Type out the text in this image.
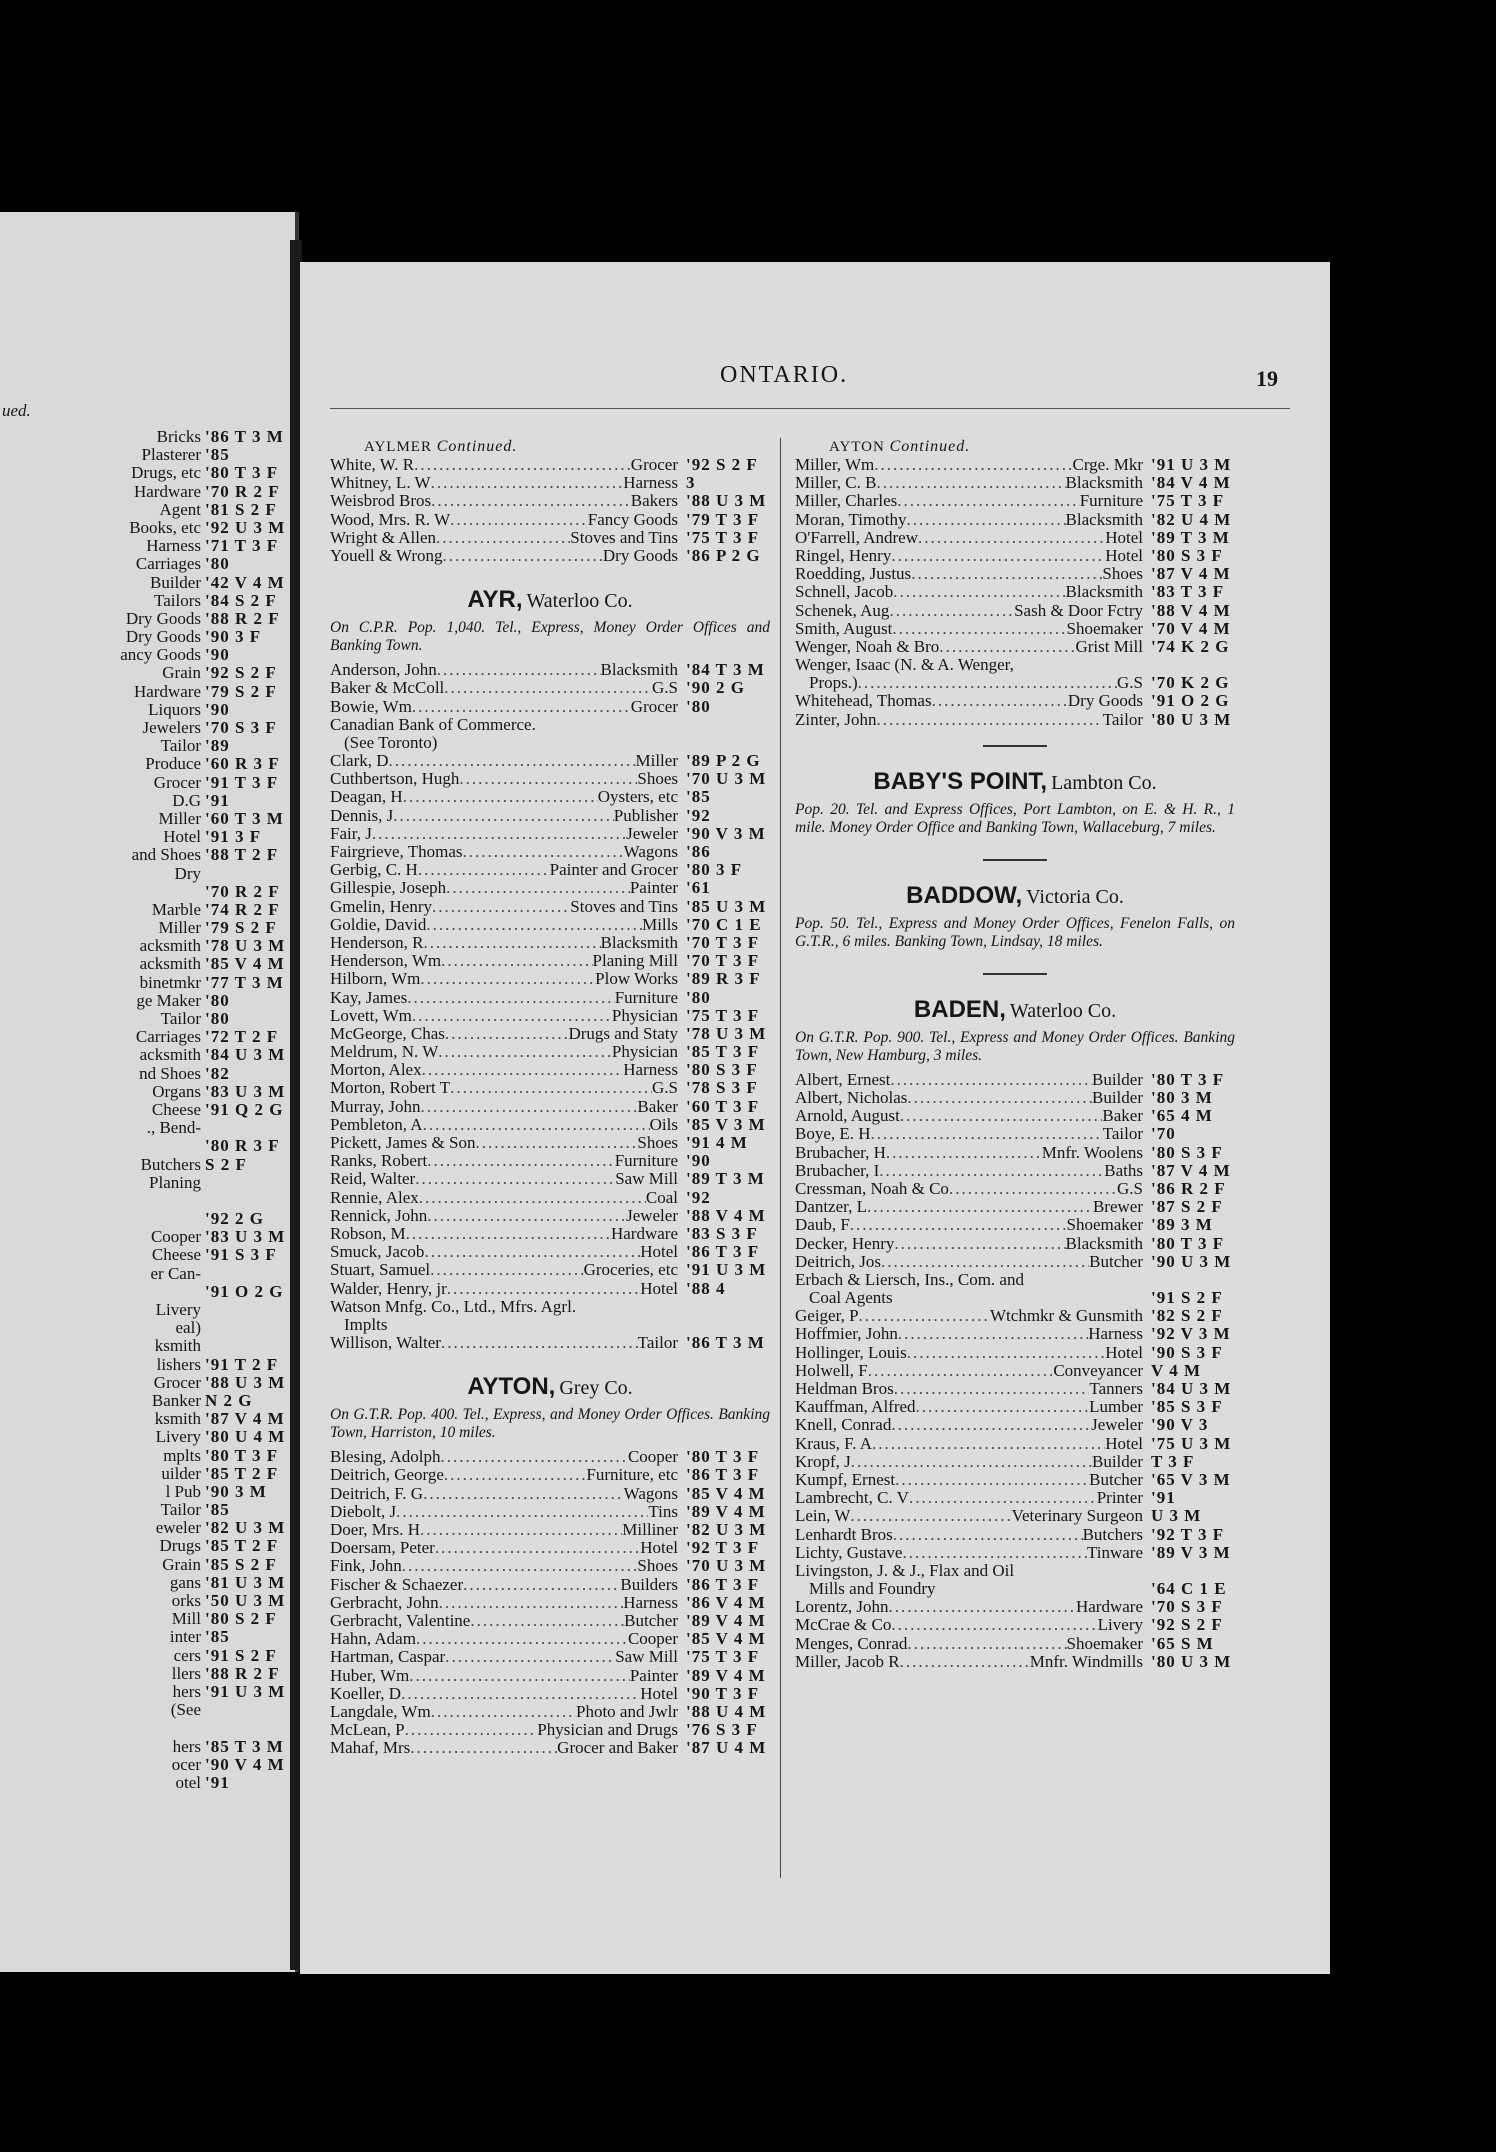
ued.
Bricks '86 T 3 M
Plasterer '85
Drugs, etc '80 T 3 F
Hardware '70 R 2 F
Agent '81 S 2 F
Books, etc '92 U 3 M
Harness '71 T 3 F
Carriages '80
Builder '42 V 4 M
Tailors '84 S 2 F
Dry Goods '88 R 2 F
Dry Goods '90 3 F
ancy Goods '90
Grain '92 S 2 F
Hardware '79 S 2 F
Liquors '90
Jewelers '70 S 3 F
Tailor '89
Produce '60 R 3 F
Grocer '91 T 3 F
D.G '91
Miller '60 T 3 M
Hotel '91 3 F
and Shoes '88 T 2 F
Dry
'70 R 2 F
Marble '74 R 2 F
Miller '79 S 2 F
acksmith '78 U 3 M
acksmith '85 V 4 M
binetmkr '77 T 3 M
ge Maker '80
Tailor '80
Carriages '72 T 2 F
acksmith '84 U 3 M
nd Shoes '82
Organs '83 U 3 M
Cheese '91 Q 2 G
., Bend-
'80 R 3 F
Butchers S 2 F
Planing
'92 2 G
Cooper '83 U 3 M
Cheese '91 S 3 F
er Can-
'91 O 2 G
Livery
eal)
ksmith
lishers '91 T 2 F
Grocer '88 U 3 M
Banker N 2 G
ksmith '87 V 4 M
Livery '80 U 4 M
mplts '80 T 3 F
uilder '85 T 2 F
l Pub '90 3 M
Tailor '85
eweler '82 U 3 M
Drugs '85 T 2 F
Grain '85 S 2 F
gans '81 U 3 M
orks '50 U 3 M
Mill '80 S 2 F
inter '85
cers '91 S 2 F
llers '88 R 2 F
hers '91 U 3 M
(See
hers '85 T 3 M
ocer '90 V 4 M
otel '91
ONTARIO.	19
AYLMER Continued.
White, W. R .....	Grocer '92 S 2 F
Whitney, L. W .....	Harness 3
Weisbrod Bros .....	Bakers '88 U 3 M
Wood, Mrs. R. W .....	Fancy Goods '79 T 3 F
Wright & Allen .....	Stoves and Tins '75 T 3 F
Youell & Wrong .....	Dry Goods '86 P 2 G
AYR, Waterloo Co.
On C.P.R. Pop. 1,040. Tel., Express, Money Order Offices and Banking Town.
Anderson, John .....	Blacksmith '84 T 3 M
Baker & McColl .....	G.S '90 2 G
Bowie, Wm .....	Grocer '80
Canadian Bank of Commerce.
(See Toronto)
Clark, D .....	Miller '89 P 2 G
Cuthbertson, Hugh .....	Shoes '70 U 3 M
Deagan, H .....	Oysters, etc '85
Dennis, J .....	Publisher '92
Fair, J .....	Jeweler '90 V 3 M
Fairgrieve, Thomas .....	Wagons '86
Gerbig, C. H .....	Painter and Grocer '80 3 F
Gillespie, Joseph .....	Painter '61
Gmelin, Henry .....	Stoves and Tins '85 U 3 M
Goldie, David .....	Mills '70 C 1 E
Henderson, R .....	Blacksmith '70 T 3 F
Henderson, Wm .....	Planing Mill '70 T 3 F
Hilborn, Wm .....	Plow Works '89 R 3 F
Kay, James .....	Furniture '80
Lovett, Wm .....	Physician '75 T 3 F
McGeorge, Chas .....	Drugs and Staty '78 U 3 M
Meldrum, N. W .....	Physician '85 T 3 F
Morton, Alex .....	Harness '80 S 3 F
Morton, Robert T .....	G.S '78 S 3 F
Murray, John .....	Baker '60 T 3 F
Pembleton, A .....	Oils '85 V 3 M
Pickett, James & Son .....	Shoes '91 4 M
Ranks, Robert .....	Furniture '90
Reid, Walter .....	Saw Mill '89 T 3 M
Rennie, Alex .....	Coal '92
Rennick, John .....	Jeweler '88 V 4 M
Robson, M .....	Hardware '83 S 3 F
Smuck, Jacob .....	Hotel '86 T 3 F
Stuart, Samuel .....	Groceries, etc '91 U 3 M
Walder, Henry, jr .....	Hotel '88 4
Watson Mnfg. Co., Ltd., Mfrs. Agrl.
Implts
Willison, Walter .....	Tailor '86 T 3 M
AYTON, Grey Co.
On G.T.R. Pop. 400. Tel., Express, and Money Order Offices. Banking Town, Harriston, 10 miles.
Blesing, Adolph .....	Cooper '80 T 3 F
Deitrich, George .....	Furniture, etc '86 T 3 F
Deitrich, F. G .....	Wagons '85 V 4 M
Diebolt, J .....	Tins '89 V 4 M
Doer, Mrs. H .....	Milliner '82 U 3 M
Doersam, Peter .....	Hotel '92 T 3 F
Fink, John .....	Shoes '70 U 3 M
Fischer & Schaezer .....	Builders '86 T 3 F
Gerbracht, John .....	Harness '86 V 4 M
Gerbracht, Valentine .....	Butcher '89 V 4 M
Hahn, Adam .....	Cooper '85 V 4 M
Hartman, Caspar .....	Saw Mill '75 T 3 F
Huber, Wm .....	Painter '89 V 4 M
Koeller, D .....	Hotel '90 T 3 F
Langdale, Wm .....	Photo and Jwlr '88 U 4 M
McLean, P .....	Physician and Drugs '76 S 3 F
Mahaf, Mrs .....	Grocer and Baker '87 U 4 M
AYTON Continued.
Miller, Wm .....	Crge. Mkr '91 U 3 M
Miller, C. B .....	Blacksmith '84 V 4 M
Miller, Charles .....	Furniture '75 T 3 F
Moran, Timothy .....	Blacksmith '82 U 4 M
O'Farrell, Andrew .....	Hotel '89 T 3 M
Ringel, Henry .....	Hotel '80 S 3 F
Roedding, Justus .....	Shoes '87 V 4 M
Schnell, Jacob .....	Blacksmith '83 T 3 F
Schenek, Aug .....	Sash & Door Fctry '88 V 4 M
Smith, August .....	Shoemaker '70 V 4 M
Wenger, Noah & Bro .....	Grist Mill '74 K 2 G
Wenger, Isaac (N. & A. Wenger,
Props.) .....	G.S '70 K 2 G
Whitehead, Thomas .....	Dry Goods '91 O 2 G
Zinter, John .....	Tailor '80 U 3 M
BABY'S POINT, Lambton Co.
Pop. 20. Tel. and Express Offices, Port Lambton, on E. & H. R., 1 mile. Money Order Office and Banking Town, Wallaceburg, 7 miles.
BADDOW, Victoria Co.
Pop. 50. Tel., Express and Money Order Offices, Fenelon Falls, on G.T.R., 6 miles. Banking Town, Lindsay, 18 miles.
BADEN, Waterloo Co.
On G.T.R. Pop. 900. Tel., Express and Money Order Offices. Banking Town, New Hamburg, 3 miles.
Albert, Ernest .....	Builder '80 T 3 F
Albert, Nicholas .....	Builder '80 3 M
Arnold, August .....	Baker '65 4 M
Boye, E. H .....	Tailor '70
Brubacher, H .....	Mnfr. Woolens '80 S 3 F
Brubacher, I .....	Baths '87 V 4 M
Cressman, Noah & Co .....	G.S '86 R 2 F
Dantzer, L .....	Brewer '87 S 2 F
Daub, F .....	Shoemaker '89 3 M
Decker, Henry .....	Blacksmith '80 T 3 F
Deitrich, Jos .....	Butcher '90 U 3 M
Erbach & Liersch, Ins., Com. and
Coal Agents	'91 S 2 F
Geiger, P .....	Wtchmkr & Gunsmith '82 S 2 F
Hoffmier, John .....	Harness '92 V 3 M
Hollinger, Louis .....	Hotel '90 S 3 F
Holwell, F .....	Conveyancer V 4 M
Heldman Bros .....	Tanners '84 U 3 M
Kauffman, Alfred .....	Lumber '85 S 3 F
Knell, Conrad .....	Jeweler '90 V 3
Kraus, F. A .....	Hotel '75 U 3 M
Kropf, J .....	Builder T 3 F
Kumpf, Ernest .....	Butcher '65 V 3 M
Lambrecht, C. V .....	Printer '91
Lein, W .....	Veterinary Surgeon U 3 M
Lenhardt Bros .....	Butchers '92 T 3 F
Lichty, Gustave .....	Tinware '89 V 3 M
Livingston, J. & J., Flax and Oil
Mills and Foundry	'64 C 1 E
Lorentz, John .....	Hardware '70 S 3 F
McCrae & Co .....	Livery '92 S 2 F
Menges, Conrad .....	Shoemaker '65 S M
Miller, Jacob R .....	Mnfr. Windmills '80 U 3 M
